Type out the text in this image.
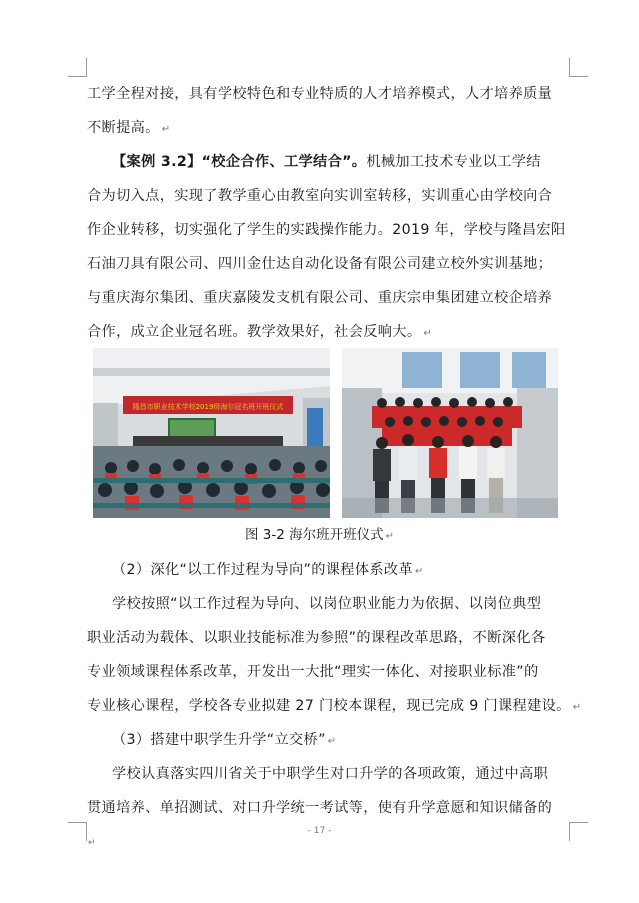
工学全程对接，具有学校特色和专业特质的人才培养模式，人才培养质量
不断提高。 ↵
【案例 3.2】“校企合作、工学结合”。机械加工技术专业以工学结
合为切入点，实现了教学重心由教室向实训室转移，实训重心由学校向合
作企业转移，切实强化了学生的实践操作能力。2019 年，学校与隆昌宏阳
石油刀具有限公司、四川金仕达自动化设备有限公司建立校外实训基地；
与重庆海尔集团、重庆嘉陵发支机有限公司、重庆宗申集团建立校企培养
合作，成立企业冠名班。教学效果好，社会反响大。 ↵
隆昌市职业技术学校2019级海尔冠名班开班仪式
图 3-2 海尔班开班仪式 ↵
（2）深化“以工作过程为导向”的课程体系改革 ↵
学校按照“以工作过程为导向、以岗位职业能力为依据、以岗位典型
职业活动为载体、以职业技能标准为参照”的课程改革思路，不断深化各
专业领域课程体系改革，开发出一大批“理实一体化、对接职业标准”的
专业核心课程，学校各专业拟建 27 门校本课程，现已完成 9 门课程建设。 ↵
（3）搭建中职学生升学“立交桥” ↵
学校认真落实四川省关于中职学生对口升学的各项政策，通过中高职
贯通培养、单招测试、对口升学统一考试等，使有升学意愿和知识储备的
- 17 -
↵
